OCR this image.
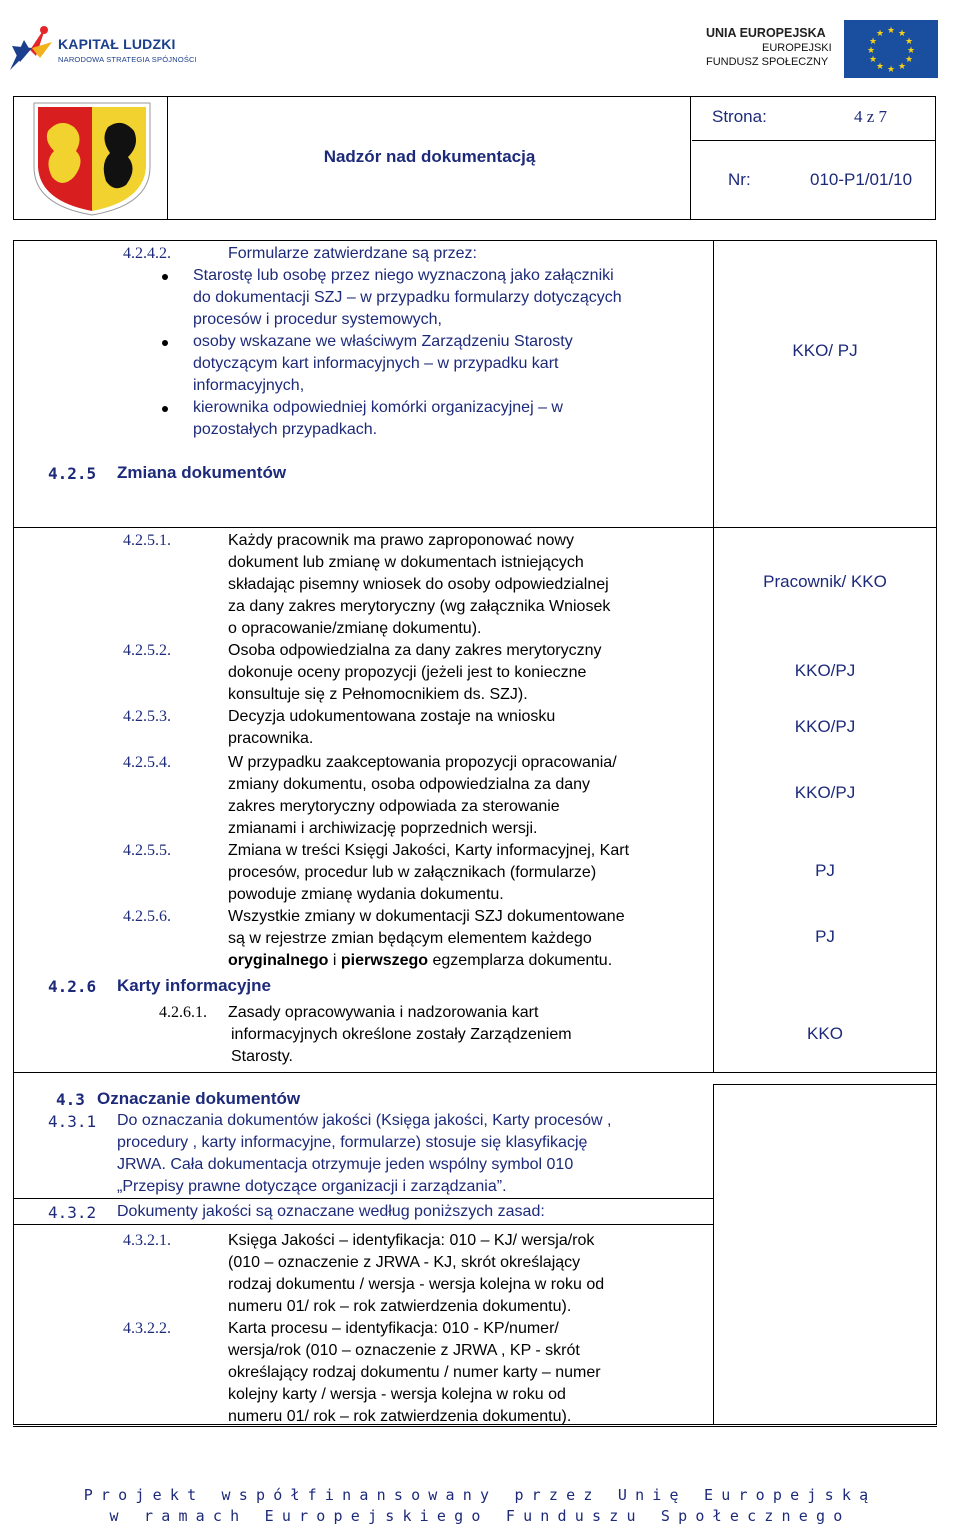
KAPITAŁ LUDZKI
NARODOWA STRATEGIA SPÓJNOŚCI
UNIA EUROPEJSKA
EUROPEJSKI
FUNDUSZ SPOŁECZNY
★ ★
★
★
★
★
★
★
★
★
★
★
Nadzór nad dokumentacją
Strona:	4 z 7
Nr:	010-P1/01/10
4.2.4.2.	Formularze zatwierdzane są przez:
Starostę lub osobę przez niego wyznaczoną jako załączniki
do dokumentacji SZJ – w przypadku formularzy dotyczących
procesów i procedur systemowych,
osoby wskazane we właściwym Zarządzeniu Starosty
dotyczącym kart informacyjnych – w przypadku kart
informacyjnych,
kierownika odpowiedniej komórki organizacyjnej – w
pozostałych przypadkach.
KKO/ PJ
4.2.5 Zmiana dokumentów
4.2.5.1.	Każdy pracownik ma prawo zaproponować nowy
dokument lub zmianę w dokumentach istniejących
składając pisemny wniosek do osoby odpowiedzialnej
za dany zakres merytoryczny (wg załącznika Wniosek
o opracowanie/zmianę dokumentu).
Pracownik/ KKO
4.2.5.2.	Osoba odpowiedzialna za dany zakres merytoryczny
dokonuje oceny propozycji (jeżeli jest to konieczne
konsultuje się z Pełnomocnikiem ds. SZJ).
KKO/PJ
4.2.5.3.	Decyzja udokumentowana zostaje na wniosku
pracownika.
KKO/PJ
4.2.5.4.	W przypadku zaakceptowania propozycji opracowania/
zmiany dokumentu, osoba odpowiedzialna za dany
zakres merytoryczny odpowiada za sterowanie
zmianami i archiwizację poprzednich wersji.
KKO/PJ
4.2.5.5.	Zmiana w treści Księgi Jakości, Karty informacyjnej, Kart
procesów, procedur lub w załącznikach (formularze)
powoduje zmianę wydania dokumentu.
PJ
4.2.5.6.	Wszystkie zmiany w dokumentacji SZJ dokumentowane
są w rejestrze zmian będącym elementem każdego
oryginalnego i pierwszego egzemplarza dokumentu.
PJ
4.2.6 Karty informacyjne
4.2.6.1. Zasady opracowywania i nadzorowania kart
informacyjnych określone zostały Zarządzeniem
Starosty.
KKO
4.3 Oznaczanie dokumentów
4.3.1 Do oznaczania dokumentów jakości (Księga jakości, Karty procesów ,
procedury , karty informacyjne, formularze) stosuje się klasyfikację
JRWA. Cała dokumentacja otrzymuje jeden wspólny symbol 010
„Przepisy prawne dotyczące organizacji i zarządzania”.
4.3.2 Dokumenty jakości są oznaczane według poniższych zasad:
4.3.2.1.	Księga Jakości – identyfikacja: 010 – KJ/ wersja/rok
(010 – oznaczenie z JRWA - KJ, skrót określający
rodzaj dokumentu / wersja - wersja kolejna w roku od
numeru 01/ rok – rok zatwierdzenia dokumentu).
4.3.2.2.	Karta procesu – identyfikacja: 010 - KP/numer/
wersja/rok (010 – oznaczenie z JRWA , KP - skrót
określający rodzaj dokumentu / numer karty – numer
kolejny karty / wersja - wersja kolejna w roku od
numeru 01/ rok – rok zatwierdzenia dokumentu).
Projekt współfinansowany przez Unię Europejską
w ramach Europejskiego Funduszu Społecznego
